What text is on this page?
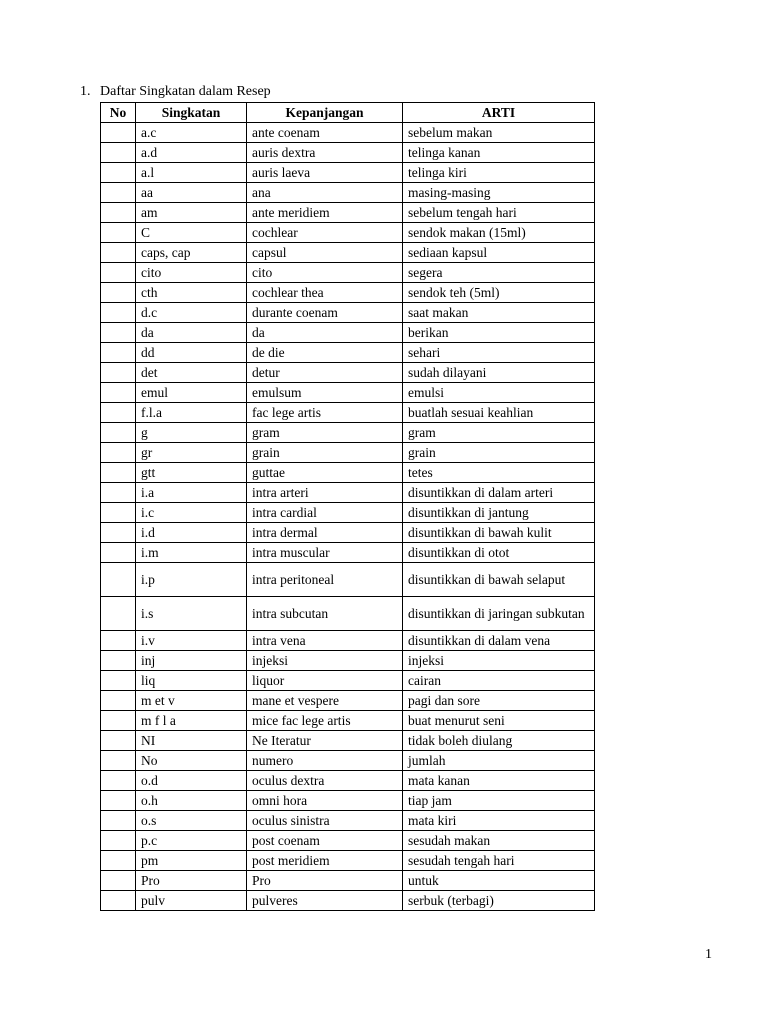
1. Daftar Singkatan dalam Resep
No	Singkatan	Kepanjangan	ARTI
	a.c	ante coenam	sebelum makan
	a.d	auris dextra	telinga kanan
	a.l	auris laeva	telinga kiri
	aa	ana	masing-masing
	am	ante meridiem	sebelum tengah hari
	C	cochlear	sendok makan (15ml)
	caps, cap	capsul	sediaan kapsul
	cito	cito	segera
	cth	cochlear thea	sendok teh (5ml)
	d.c	durante coenam	saat makan
	da	da	berikan
	dd	de die	sehari
	det	detur	sudah dilayani
	emul	emulsum	emulsi
	f.l.a	fac lege artis	buatlah sesuai keahlian
	g	gram	gram
	gr	grain	grain
	gtt	guttae	tetes
	i.a	intra arteri	disuntikkan di dalam arteri
	i.c	intra cardial	disuntikkan di jantung
	i.d	intra dermal	disuntikkan di bawah kulit
	i.m	intra muscular	disuntikkan di otot
	i.p	intra peritoneal	disuntikkan di bawah selaput
	i.s	intra subcutan	disuntikkan di jaringan subkutan
	i.v	intra vena	disuntikkan di dalam vena
	inj	injeksi	injeksi
	liq	liquor	cairan
	m et v	mane et vespere	pagi dan sore
	m f l a	mice fac lege artis	buat menurut seni
	NI	Ne Iteratur	tidak boleh diulang
	No	numero	jumlah
	o.d	oculus dextra	mata kanan
	o.h	omni hora	tiap jam
	o.s	oculus sinistra	mata kiri
	p.c	post coenam	sesudah makan
	pm	post meridiem	sesudah tengah hari
	Pro	Pro	untuk
	pulv	pulveres	serbuk (terbagi)
1
